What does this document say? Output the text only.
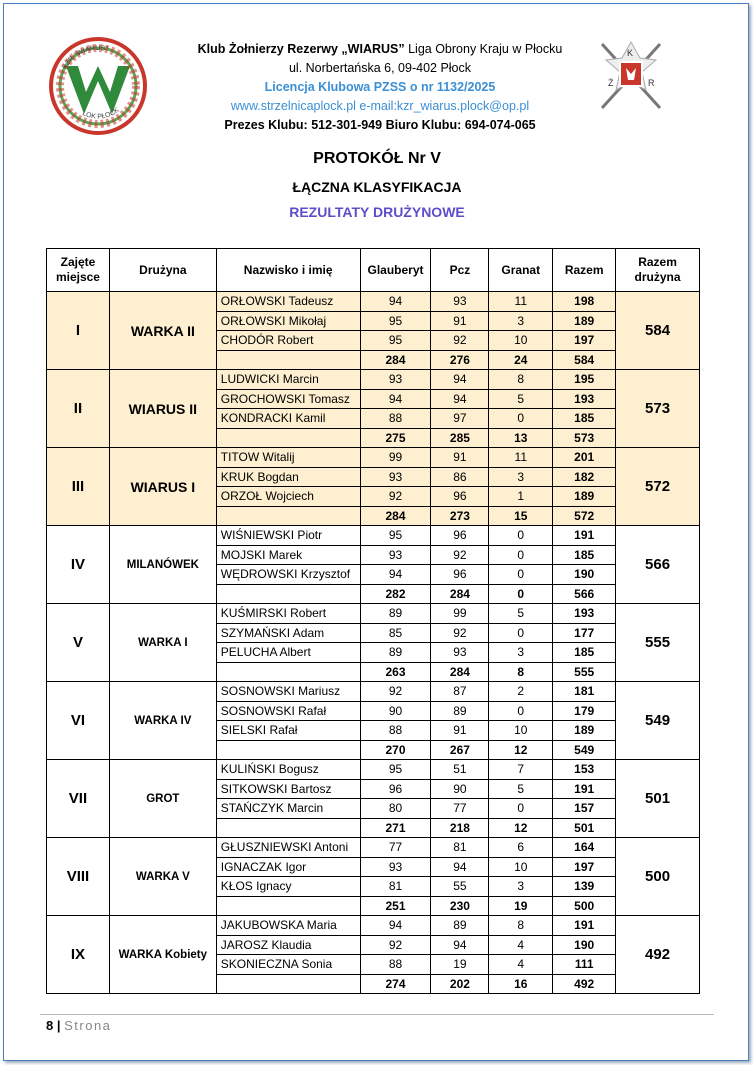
KŻR "WIARUS"
LOK PŁOCK
K
Ż	R
Klub Żołnierzy Rezerwy „WIARUS” Liga Obrony Kraju w Płocku
ul. Norbertańska 6, 09-402 Płock
Licencja Klubowa PZSS o nr 1132/2025
www.strzelnicaplock.pl e-mail:kzr_wiarus.plock@op.pl
Prezes Klubu: 512-301-949 Biuro Klubu: 694-074-065
PROTOKÓŁ Nr V
ŁĄCZNA KLASYFIKACJA
REZULTATY DRUŻYNOWE
Zajęte miejsce	Drużyna	Nazwisko i imię	Glauberyt	Pcz	Granat	Razem	Razem drużyna
I	WARKA II	ORŁOWSKI Tadeusz	94	93	11	198	584
		ORŁOWSKI Mikołaj	95	91	3	189	
		CHODÓR Robert	95	92	10	197	
			284	276	24	584	
II	WIARUS II	LUDWICKI Marcin	93	94	8	195	573
		GROCHOWSKI Tomasz	94	94	5	193	
		KONDRACKI Kamil	88	97	0	185	
			275	285	13	573	
III	WIARUS I	TITOW Witalij	99	91	11	201	572
		KRUK Bogdan	93	86	3	182	
		ORZOŁ Wojciech	92	96	1	189	
			284	273	15	572	
IV	MILANÓWEK	WIŚNIEWSKI Piotr	95	96	0	191	566
		MOJSKI Marek	93	92	0	185	
		WĘDROWSKI Krzysztof	94	96	0	190	
			282	284	0	566	
V	WARKA I	KUŚMIRSKI Robert	89	99	5	193	555
		SZYMAŃSKI Adam	85	92	0	177	
		PELUCHA Albert	89	93	3	185	
			263	284	8	555	
VI	WARKA IV	SOSNOWSKI Mariusz	92	87	2	181	549
		SOSNOWSKI Rafał	90	89	0	179	
		SIELSKI Rafał	88	91	10	189	
			270	267	12	549	
VII	GROT	KULIŃSKI Bogusz	95	51	7	153	501
		SITKOWSKI Bartosz	96	90	5	191	
		STAŃCZYK Marcin	80	77	0	157	
			271	218	12	501	
VIII	WARKA V	GŁUSZNIEWSKI Antoni	77	81	6	164	500
		IGNACZAK Igor	93	94	10	197	
		KŁOS Ignacy	81	55	3	139	
			251	230	19	500	
IX	WARKA Kobiety	JAKUBOWSKA Maria	94	89	8	191	492
		JAROSZ Klaudia	92	94	4	190	
		SKONIECZNA Sonia	88	19	4	111	
			274	202	16	492	
8 | Strona
